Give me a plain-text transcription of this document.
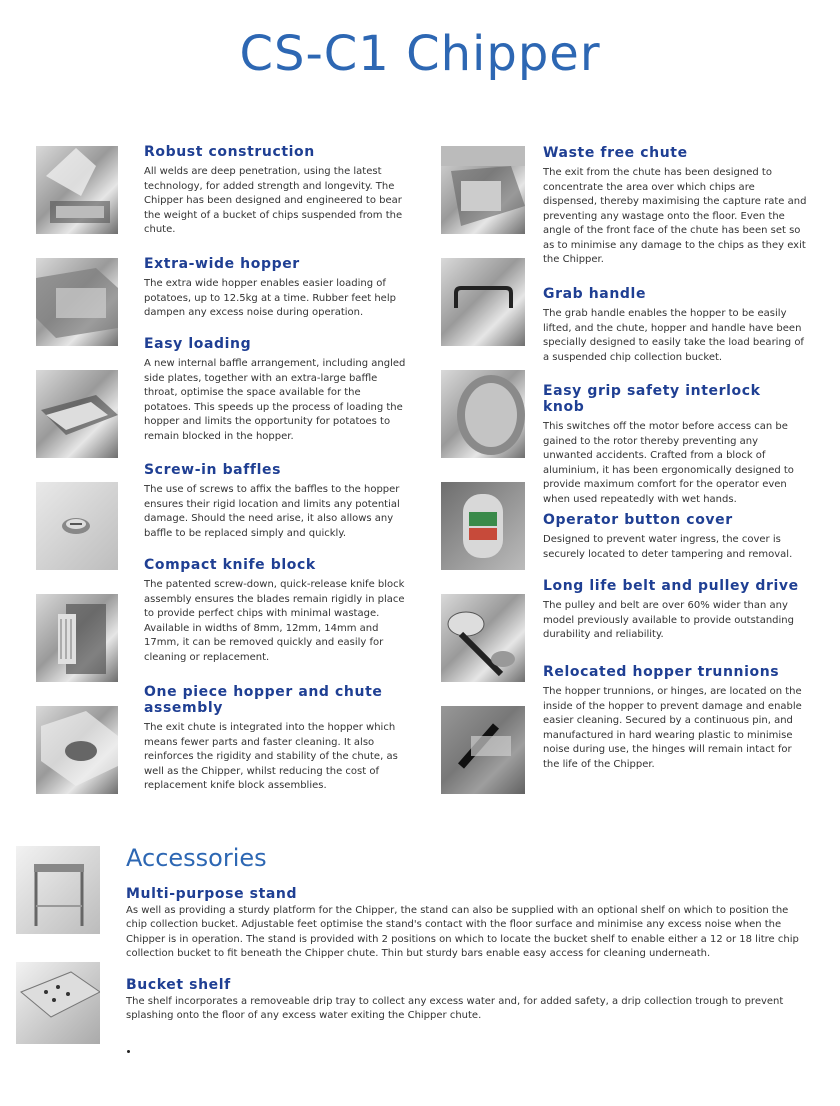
CS-C1 Chipper
Robust construction

All welds are deep penetration, using the latest technology, for added strength and longevity. The Chipper has been designed and engineered to bear the weight of a bucket of chips suspended from the chute.

Extra-wide hopper

The extra wide hopper enables easier loading of potatoes, up to 12.5kg at a time. Rubber feet help dampen any excess noise during operation.

Easy loading

A new internal baffle arrangement, including angled side plates, together with an extra-large baffle throat, optimise the space available for the potatoes. This speeds up the process of loading the hopper and limits the opportunity for potatoes to remain blocked in the hopper.

Screw-in baffles

The use of screws to affix the baffles to the hopper ensures their rigid location and limits any potential damage. Should the need arise, it also allows any baffle to be replaced simply and quickly.

Compact knife block

The patented screw-down, quick-release knife block assembly ensures the blades remain rigidly in place to provide perfect chips with minimal wastage. Available in widths of 8mm, 12mm, 14mm and 17mm, it can be removed quickly and easily for cleaning or replacement.

One piece hopper and chute assembly

The exit chute is integrated into the hopper which means fewer parts and faster cleaning. It also reinforces the rigidity and stability of the chute, as well as the Chipper, whilst reducing the cost of replacement knife block assemblies.

Waste free chute

The exit from the chute has been designed to concentrate the area over which chips are dispensed, thereby maximising the capture rate and preventing any wastage onto the floor. Even the angle of the front face of the chute has been set so as to minimise any damage to the chips as they exit the Chipper.

Grab handle

The grab handle enables the hopper to be easily lifted, and the chute, hopper and handle have been specially designed to easily take the load bearing of a suspended chip collection bucket.

Easy grip safety interlock knob

This switches off the motor before access can be gained to the rotor thereby preventing any unwanted accidents. Crafted from a block of aluminium, it has been ergonomically designed to provide maximum comfort for the operator even when used repeatedly with wet hands.

Operator button cover

Designed to prevent water ingress, the cover is securely located to deter tampering and removal.

Long life belt and pulley drive

The pulley and belt are over 60% wider than any model previously available to provide outstanding durability and reliability.

Relocated hopper trunnions

The hopper trunnions, or hinges, are located on the inside of the hopper to prevent damage and enable easier cleaning. Secured by a continuous pin, and manufactured in hard wearing plastic to minimise noise during use, the hinges will remain intact for the life of the Chipper.

Accessories
Multi-purpose stand

As well as providing a sturdy platform for the Chipper, the stand can also be supplied with an optional shelf on which to position the chip collection bucket. Adjustable feet optimise the stand's contact with the floor surface and minimise any excess noise when the Chipper is in operation. The stand is provided with 2 positions on which to locate the bucket shelf to enable either a 12 or 18 litre chip collection bucket to fit beneath the Chipper chute. Thin but sturdy bars enable easy access for cleaning underneath.

Bucket shelf

The shelf incorporates a removeable drip tray to collect any excess water and, for added safety, a drip collection trough to prevent splashing onto the floor of any excess water exiting the Chipper chute.
